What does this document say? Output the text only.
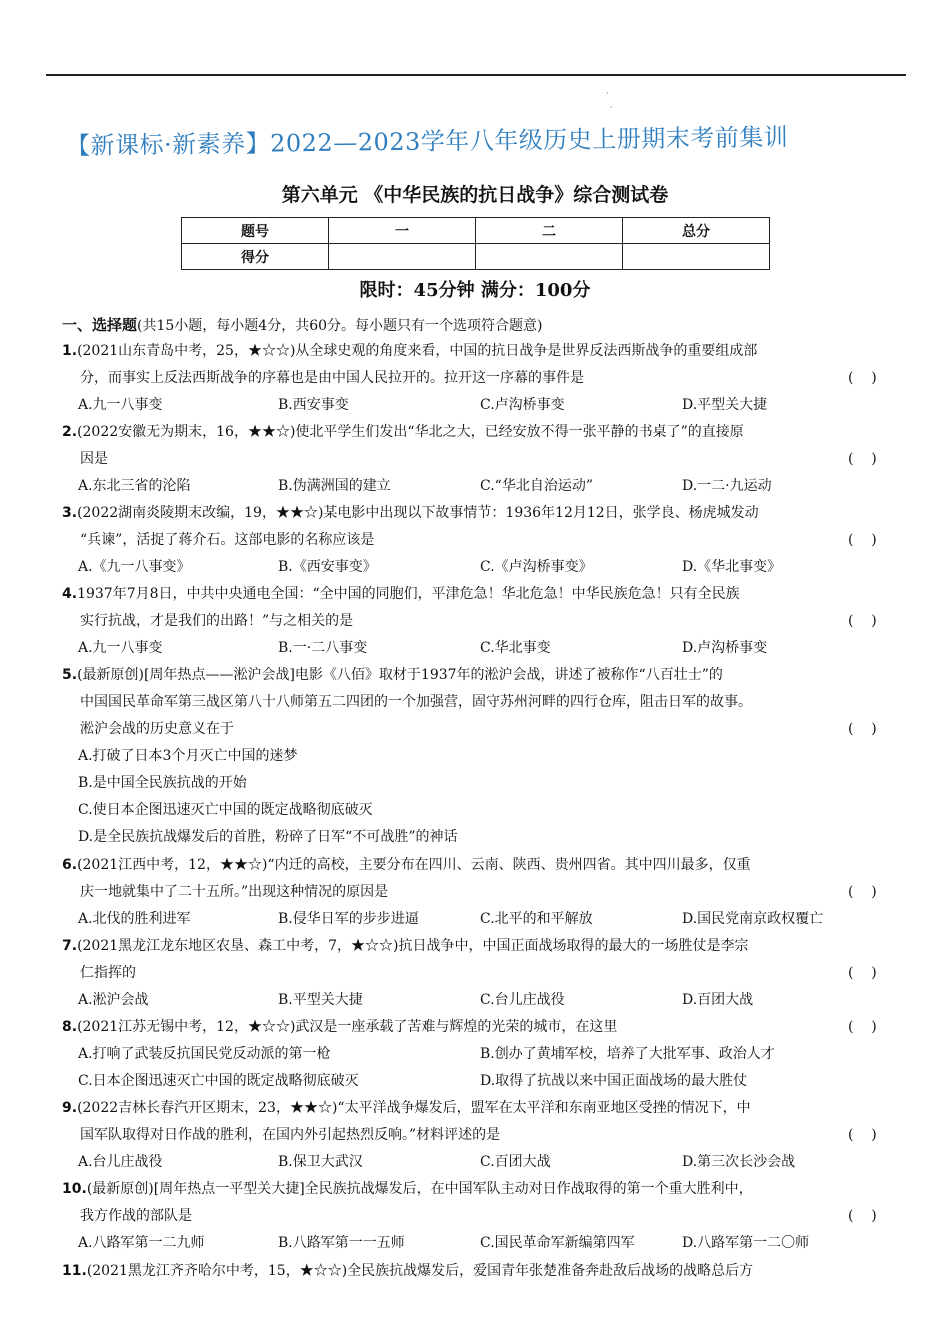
·
·
【新课标·新素养】2022—2023学年八年级历史上册期末考前集训
第六单元 《中华民族的抗日战争》综合测试卷
题号	一	二	总分
得分			
限时：45分钟 满分：100分
一、选择题(共15小题，每小题4分，共60分。每小题只有一个选项符合题意)
1.(2021山东青岛中考，25，★☆☆)从全球史观的角度来看，中国的抗日战争是世界反法西斯战争的重要组成部
(    )
分，而事实上反法西斯战争的序幕也是由中国人民拉开的。拉开这一序幕的事件是
A.九一八事变	B.西安事变	C.卢沟桥事变	D.平型关大捷
2.(2022安徽无为期末，16，★★☆)使北平学生们发出“华北之大，已经安放不得一张平静的书桌了”的直接原
(    )
因是
A.东北三省的沦陷	B.伪满洲国的建立	C.“华北自治运动”	D.一二·九运动
3.(2022湖南炎陵期末改编，19，★★☆)某电影中出现以下故事情节：1936年12月12日，张学良、杨虎城发动
(    )
“兵谏”，活捉了蒋介石。这部电影的名称应该是
A.《九一八事变》	B.《西安事变》	C.《卢沟桥事变》	D.《华北事变》
4.1937年7月8日，中共中央通电全国：“全中国的同胞们，平津危急！华北危急！中华民族危急！只有全民族
(    )
实行抗战，才是我们的出路！”与之相关的是
A.九一八事变	B.一·二八事变	C.华北事变	D.卢沟桥事变
5.(最新原创)[周年热点——淞沪会战]电影《八佰》取材于1937年的淞沪会战，讲述了被称作“八百壮士”的
中国国民革命军第三战区第八十八师第五二四团的一个加强营，固守苏州河畔的四行仓库，阻击日军的故事。
(    )
淞沪会战的历史意义在于
A.打破了日本3个月灭亡中国的迷梦
B.是中国全民族抗战的开始
C.使日本企图迅速灭亡中国的既定战略彻底破灭
D.是全民族抗战爆发后的首胜，粉碎了日军“不可战胜”的神话
6.(2021江西中考，12，★★☆)“内迁的高校，主要分布在四川、云南、陕西、贵州四省。其中四川最多，仅重
(    )
庆一地就集中了二十五所。”出现这种情况的原因是
A.北伐的胜利进军	B.侵华日军的步步进逼	C.北平的和平解放	D.国民党南京政权覆亡
7.(2021黑龙江龙东地区农垦、森工中考，7，★☆☆)抗日战争中，中国正面战场取得的最大的一场胜仗是李宗
(    )
仁指挥的
A.淞沪会战	B.平型关大捷	C.台儿庄战役	D.百团大战
(    )
8.(2021江苏无锡中考，12，★☆☆)武汉是一座承载了苦难与辉煌的光荣的城市，在这里
A.打响了武装反抗国民党反动派的第一枪	B.创办了黄埔军校，培养了大批军事、政治人才
C.日本企图迅速灭亡中国的既定战略彻底破灭	D.取得了抗战以来中国正面战场的最大胜仗
9.(2022吉林长春汽开区期末，23，★★☆)“太平洋战争爆发后，盟军在太平洋和东南亚地区受挫的情况下，中
(    )
国军队取得对日作战的胜利，在国内外引起热烈反响。”材料评述的是
A.台儿庄战役	B.保卫大武汉	C.百团大战	D.第三次长沙会战
10.(最新原创)[周年热点一平型关大捷]全民族抗战爆发后，在中国军队主动对日作战取得的第一个重大胜利中，
(    )
我方作战的部队是
A.八路军第一二九师	B.八路军第一一五师	C.国民革命军新编第四军	D.八路军第一二〇师
11.(2021黑龙江齐齐哈尔中考，15，★☆☆)全民族抗战爆发后，爱国青年张楚准备奔赴敌后战场的战略总后方
